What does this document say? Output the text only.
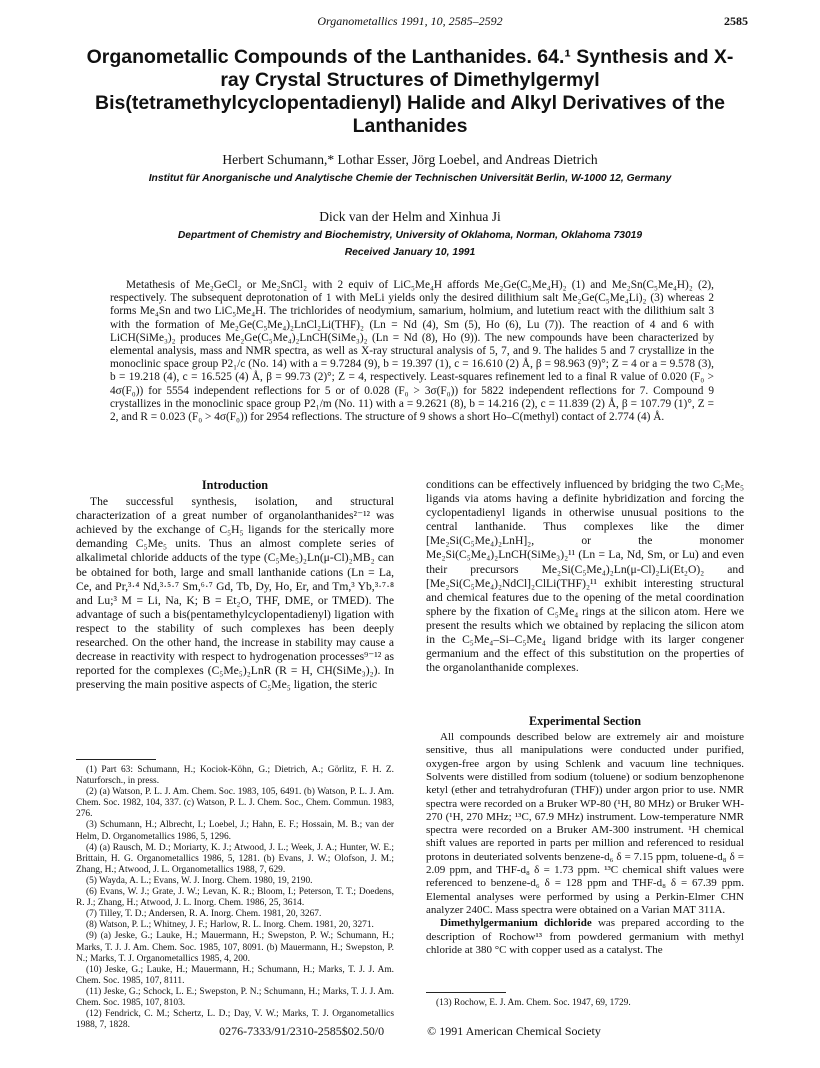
Organometallics 1991, 10, 2585–2592	2585
Organometallic Compounds of the Lanthanides. 64.¹ Synthesis and X-ray Crystal Structures of Dimethylgermyl Bis(tetramethylcyclopentadienyl) Halide and Alkyl Derivatives of the Lanthanides
Herbert Schumann,* Lothar Esser, Jörg Loebel, and Andreas Dietrich
Institut für Anorganische und Analytische Chemie der Technischen Universität Berlin, W-1000 12, Germany
Dick van der Helm and Xinhua Ji
Department of Chemistry and Biochemistry, University of Oklahoma, Norman, Oklahoma 73019
Received January 10, 1991

Metathesis of Me₂GeCl₂ or Me₂SnCl₂ with 2 equiv of LiC₅Me₄H affords Me₂Ge(C₅Me₄H)₂ (1) and Me₂Sn(C₅Me₄H)₂ (2), respectively. The subsequent deprotonation of 1 with MeLi yields only the desired dilithium salt Me₂Ge(C₅Me₄Li)₂ (3) whereas 2 forms Me₄Sn and two LiC₅Me₄H. The trichlorides of neodymium, samarium, holmium, and lutetium react with the dilithium salt 3 with the formation of Me₂Ge(C₅Me₄)₂LnCl₂Li(THF)₂ (Ln = Nd (4), Sm (5), Ho (6), Lu (7)). The reaction of 4 and 6 with LiCH(SiMe₃)₂ produces Me₂Ge(C₅Me₄)₂LnCH(SiMe₃)₂ (Ln = Nd (8), Ho (9)). The new compounds have been characterized by elemental analysis, mass and NMR spectra, as well as X-ray structural analysis of 5, 7, and 9. The halides 5 and 7 crystallize in the monoclinic space group P2₁/c (No. 14) with a = 9.7284 (9), b = 19.397 (1), c = 16.610 (2) Å, β = 98.963 (9)°; Z = 4 or a = 9.578 (3), b = 19.218 (4), c = 16.525 (4) Å, β = 99.73 (2)°; Z = 4, respectively. Least-squares refinement led to a final R value of 0.020 (F₀ > 4σ(F₀)) for 5554 independent reflections for 5 or of 0.028 (F₀ > 3σ(F₀)) for 5822 independent reflections for 7. Compound 9 crystallizes in the monoclinic space group P2₁/m (No. 11) with a = 9.2621 (8), b = 14.216 (2), c = 11.839 (2) Å, β = 107.79 (1)°, Z = 2, and R = 0.023 (F₀ > 4σ(F₀)) for 2954 reflections. The structure of 9 shows a short Ho–C(methyl) contact of 2.774 (4) Å.

Introduction

The successful synthesis, isolation, and structural characterization of a great number of organolanthanides²⁻¹² was achieved by the exchange of C₅H₅ ligands for the sterically more demanding C₅Me₅ units. Thus an almost complete series of alkalimetal chloride adducts of the type (C₅Me₅)₂Ln(μ-Cl)₂MB₂ can be obtained for both, large and small lanthanide cations (Ln = La, Ce, and Pr,³·⁴ Nd,³·⁵·⁷ Sm,⁶·⁷ Gd, Tb, Dy, Ho, Er, and Tm,³ Yb,³·⁷·⁸ and Lu;³ M = Li, Na, K; B = Et₂O, THF, DME, or TMED). The advantage of such a bis(pentamethylcyclopentadienyl) ligation with respect to the stability of such complexes has been deeply researched. On the other hand, the increase in stability may cause a decrease in reactivity with respect to hydrogenation processes⁹⁻¹² as reported for the complexes (C₅Me₅)₂LnR (R = H, CH(SiMe₃)₂). In preserving the main positive aspects of C₅Me₅ ligation, the steric

(1) Part 63: Schumann, H.; Kociok-Köhn, G.; Dietrich, A.; Görlitz, F. H. Z. Naturforsch., in press.
(2) (a) Watson, P. L. J. Am. Chem. Soc. 1983, 105, 6491. (b) Watson, P. L. J. Am. Chem. Soc. 1982, 104, 337. (c) Watson, P. L. J. Chem. Soc., Chem. Commun. 1983, 276.
(3) Schumann, H.; Albrecht, I.; Loebel, J.; Hahn, E. F.; Hossain, M. B.; van der Helm, D. Organometallics 1986, 5, 1296.
(4) (a) Rausch, M. D.; Moriarty, K. J.; Atwood, J. L.; Week, J. A.; Hunter, W. E.; Brittain, H. G. Organometallics 1986, 5, 1281. (b) Evans, J. W.; Olofson, J. M.; Zhang, H.; Atwood, J. L. Organometallics 1988, 7, 629.
(5) Wayda, A. L.; Evans, W. J. Inorg. Chem. 1980, 19, 2190.
(6) Evans, W. J.; Grate, J. W.; Levan, K. R.; Bloom, I.; Peterson, T. T.; Doedens, R. J.; Zhang, H.; Atwood, J. L. Inorg. Chem. 1986, 25, 3614.
(7) Tilley, T. D.; Andersen, R. A. Inorg. Chem. 1981, 20, 3267.
(8) Watson, P. L.; Whitney, J. F.; Harlow, R. L. Inorg. Chem. 1981, 20, 3271.
(9) (a) Jeske, G.; Lauke, H.; Mauermann, H.; Swepston, P. W.; Schumann, H.; Marks, T. J. J. Am. Chem. Soc. 1985, 107, 8091. (b) Mauermann, H.; Swepston, P. N.; Marks, T. J. Organometallics 1985, 4, 200.
(10) Jeske, G.; Lauke, H.; Mauermann, H.; Schumann, H.; Marks, T. J. J. Am. Chem. Soc. 1985, 107, 8111.
(11) Jeske, G.; Schock, L. E.; Swepston, P. N.; Schumann, H.; Marks, T. J. J. Am. Chem. Soc. 1985, 107, 8103.
(12) Fendrick, C. M.; Schertz, L. D.; Day, V. W.; Marks, T. J. Organometallics 1988, 7, 1828.

conditions can be effectively influenced by bridging the two C₅Me₅ ligands via atoms having a definite hybridization and forcing the cyclopentadienyl ligands in otherwise unusual positions to the central lanthanide. Thus complexes like the dimer [Me₂Si(C₅Me₄)₂LnH]₂, or the monomer Me₂Si(C₅Me₄)₂LnCH(SiMe₃)₂¹¹ (Ln = La, Nd, Sm, or Lu) and even their precursors Me₂Si(C₅Me₄)₂Ln(μ-Cl)₂Li(Et₂O)₂ and [Me₂Si(C₅Me₄)₂NdCl]₂ClLi(THF)₂¹¹ exhibit interesting structural and chemical features due to the opening of the metal coordination sphere by the fixation of C₅Me₄ rings at the silicon atom. Here we present the results which we obtained by replacing the silicon atom in the C₅Me₄–Si–C₅Me₄ ligand bridge with its larger congener germanium and the effect of this substitution on the properties of the organolanthanide complexes.

Experimental Section

All compounds described below are extremely air and moisture sensitive, thus all manipulations were conducted under purified, oxygen-free argon by using Schlenk and vacuum line techniques. Solvents were distilled from sodium (toluene) or sodium benzophenone ketyl (ether and tetrahydrofuran (THF)) under argon prior to use. NMR spectra were recorded on a Bruker WP-80 (¹H, 80 MHz) or Bruker WH-270 (¹H, 270 MHz; ¹³C, 67.9 MHz) instrument. Low-temperature NMR spectra were recorded on a Bruker AM-300 instrument. ¹H chemical shift values are reported in parts per million and referenced to residual protons in deuteriated solvents benzene-d₆ δ = 7.15 ppm, toluene-d₈ δ = 2.09 ppm, and THF-d₈ δ = 1.73 ppm. ¹³C chemical shift values were referenced to benzene-d₆ δ = 128 ppm and THF-d₈ δ = 67.39 ppm. Elemental analyses were performed by using a Perkin-Elmer CHN analyzer 240C. Mass spectra were obtained on a Varian MAT 311A.

Dimethylgermanium dichloride was prepared according to the description of Rochow¹³ from powdered germanium with methyl chloride at 380 °C with copper used as a catalyst. The

(13) Rochow, E. J. Am. Chem. Soc. 1947, 69, 1729.
0276-7333/91/2310-2585$02.50/0	© 1991 American Chemical Society
